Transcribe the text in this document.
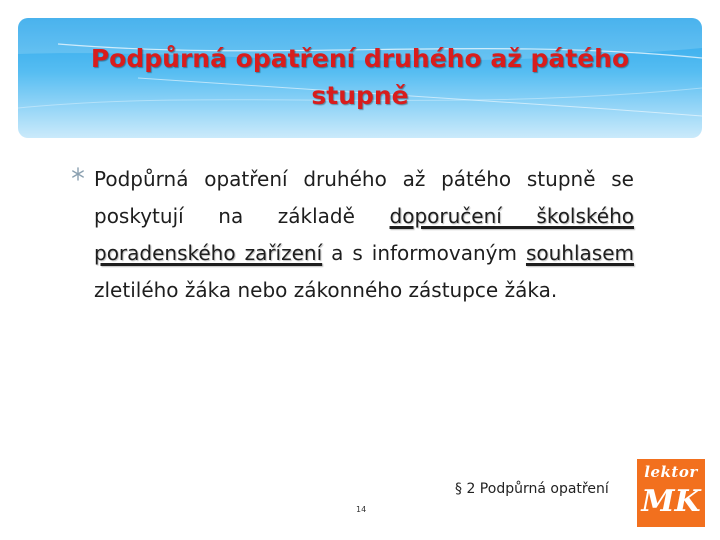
Podpůrná opatření druhého až pátého
stupně

Podpůrná opatření druhého až pátého stupně se poskytují na základě doporučení školského poradenského zařízení a s informovaným souhlasem zletilého žáka nebo zákonného zástupce žáka.

§ 2 Podpůrná opatření
14
lektor
MK
